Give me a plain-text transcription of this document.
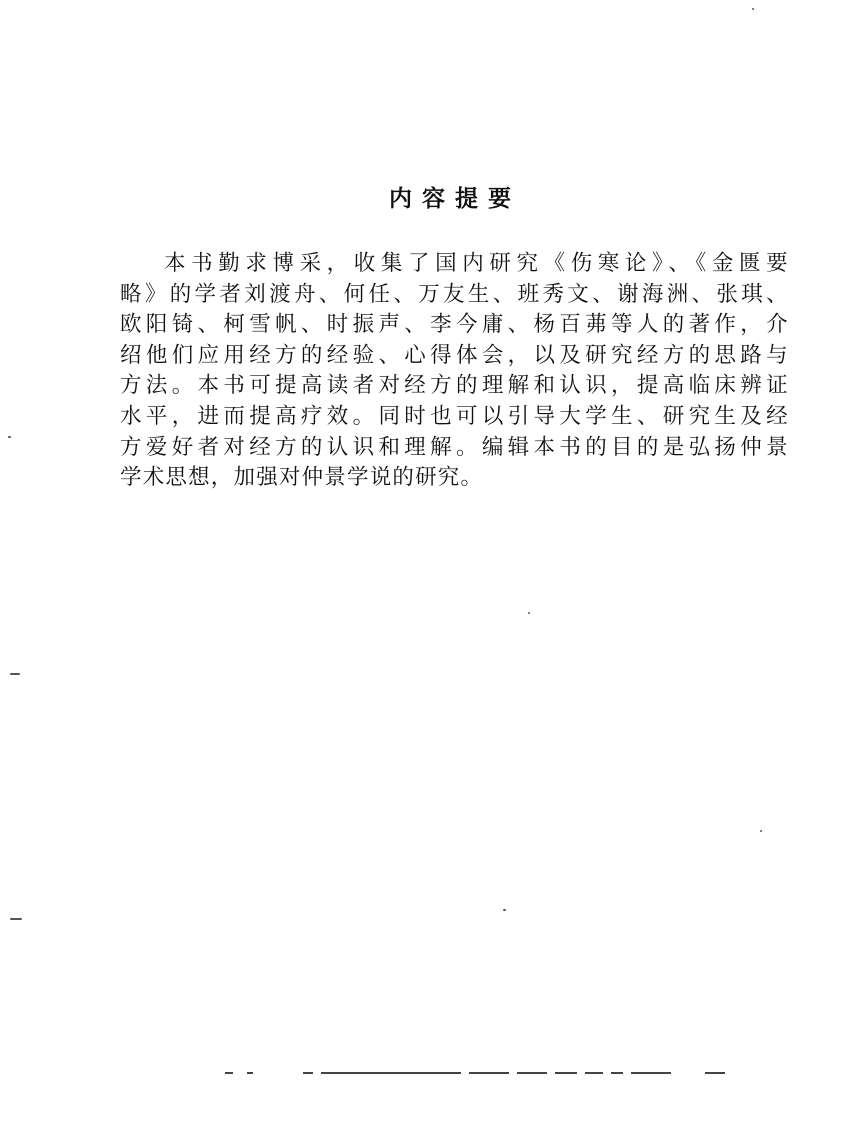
内容提要
本书勤求博采，收集了国内研究《伤寒论》、《金匮要
略》的学者刘渡舟、何任、万友生、班秀文、谢海洲、张琪、
欧阳锜、柯雪帆、时振声、李今庸、杨百茀等人的著作，介
绍他们应用经方的经验、心得体会，以及研究经方的思路与
方法。本书可提高读者对经方的理解和认识，提高临床辨证
水平，进而提高疗效。同时也可以引导大学生、研究生及经
方爱好者对经方的认识和理解。编辑本书的目的是弘扬仲景
学术思想，加强对仲景学说的研究。
